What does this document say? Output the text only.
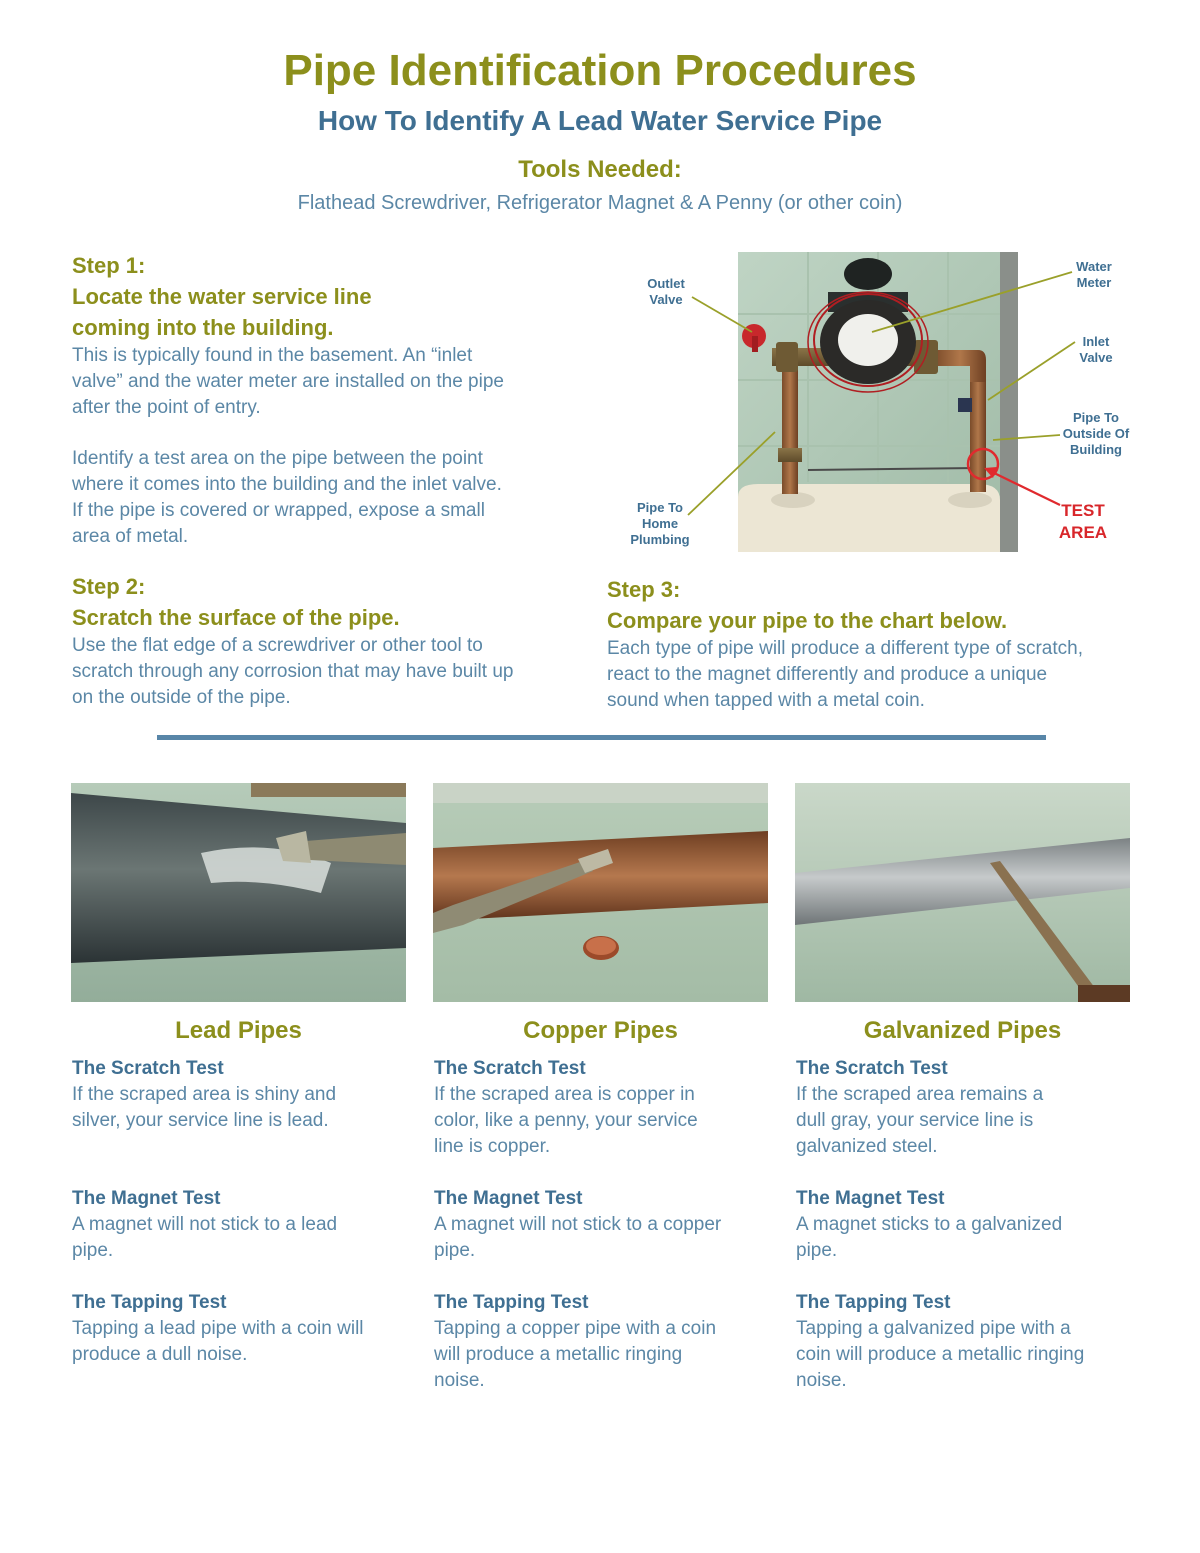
Pipe Identification Procedures
How To Identify A Lead Water Service Pipe
Tools Needed:
Flathead Screwdriver, Refrigerator Magnet & A Penny (or other coin)
Step 1:
Locate the water service line
coming into the building.
This is typically found in the basement. An “inlet
valve” and the water meter are installed on the pipe
after the point of entry.
Identify a test area on the pipe between the point
where it comes into the building and the inlet valve.
If the pipe is covered or wrapped, expose a small
area of metal.
Outlet
Valve
Water
Meter
Inlet
Valve
Pipe To
Outside Of
Building
Pipe To
Home
Plumbing
TEST
AREA
Step 2:
Scratch the surface of the pipe.
Use the flat edge of a screwdriver or other tool to
scratch through any corrosion that may have built up
on the outside of the pipe.
Step 3:
Compare your pipe to the chart below.
Each type of pipe will produce a different type of scratch,
react to the magnet differently and produce a unique
sound when tapped with a metal coin.
Lead Pipes	Copper Pipes	Galvanized Pipes
The Scratch Test

If the scraped area is shiny and

silver, your service line is lead.

The Magnet Test

A magnet will not stick to a lead

pipe.

The Tapping Test

Tapping a lead pipe with a coin will

produce a dull noise.

The Scratch Test

If the scraped area is copper in

color, like a penny, your service

line is copper.

The Magnet Test

A magnet will not stick to a copper

pipe.

The Tapping Test

Tapping a copper pipe with a coin

will produce a metallic ringing

noise.

The Scratch Test

If the scraped area remains a

dull gray, your service line is

galvanized steel.

The Magnet Test

A magnet sticks to a galvanized

pipe.

The Tapping Test

Tapping a galvanized pipe with a

coin will produce a metallic ringing

noise.
